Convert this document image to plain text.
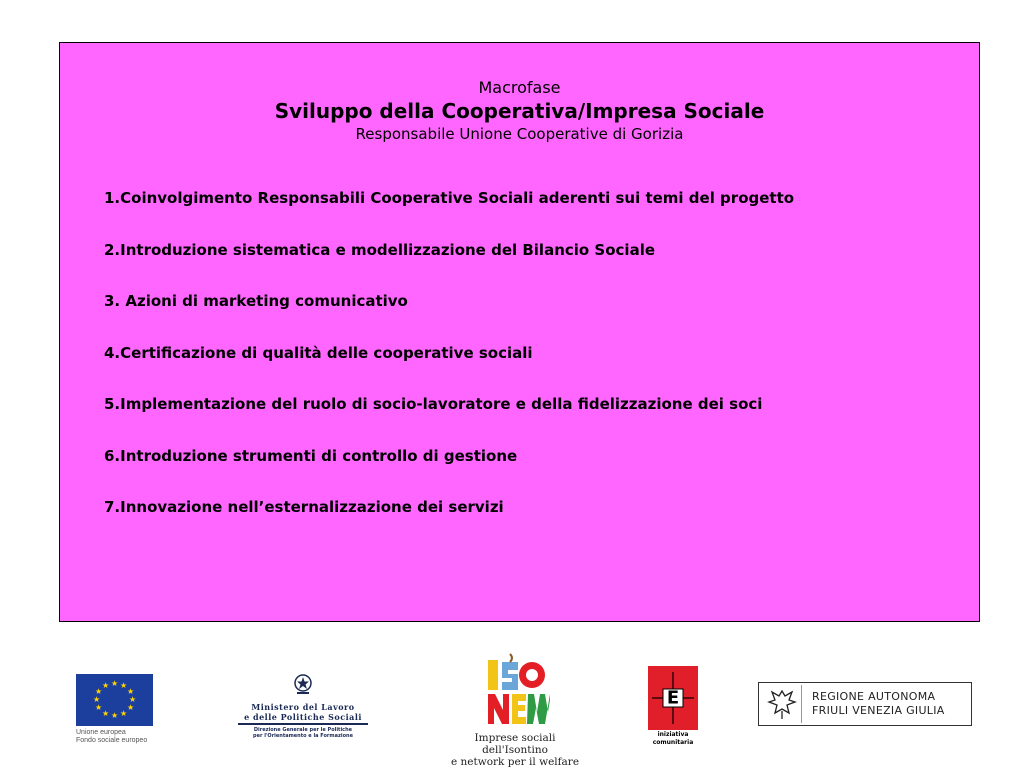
Macrofase
Sviluppo della Cooperativa/Impresa Sociale
Responsabile Unione Cooperative di Gorizia
1.Coinvolgimento Responsabili Cooperative Sociali aderenti sui temi del progetto
2.Introduzione sistematica e modellizzazione del Bilancio Sociale
3. Azioni di marketing comunicativo
4.Certificazione di qualità delle cooperative sociali
5.Implementazione del ruolo di socio-lavoratore e della fidelizzazione dei soci
6.Introduzione strumenti di controllo di gestione
7.Innovazione nell’esternalizzazione dei servizi
★ ★
★
★
★
★
★
★
★
★
★
★
Unione europea
Fondo sociale europeo
Ministero del Lavoro
e delle Politiche Sociali
Direzione Generale per le Politiche
per l'Orientamento e la Formazione	Imprese sociali dell'Isontino
e network per il welfare
E
iniziativa
comunitaria
REGIONE AUTONOMA
FRIULI VENEZIA GIULIA
